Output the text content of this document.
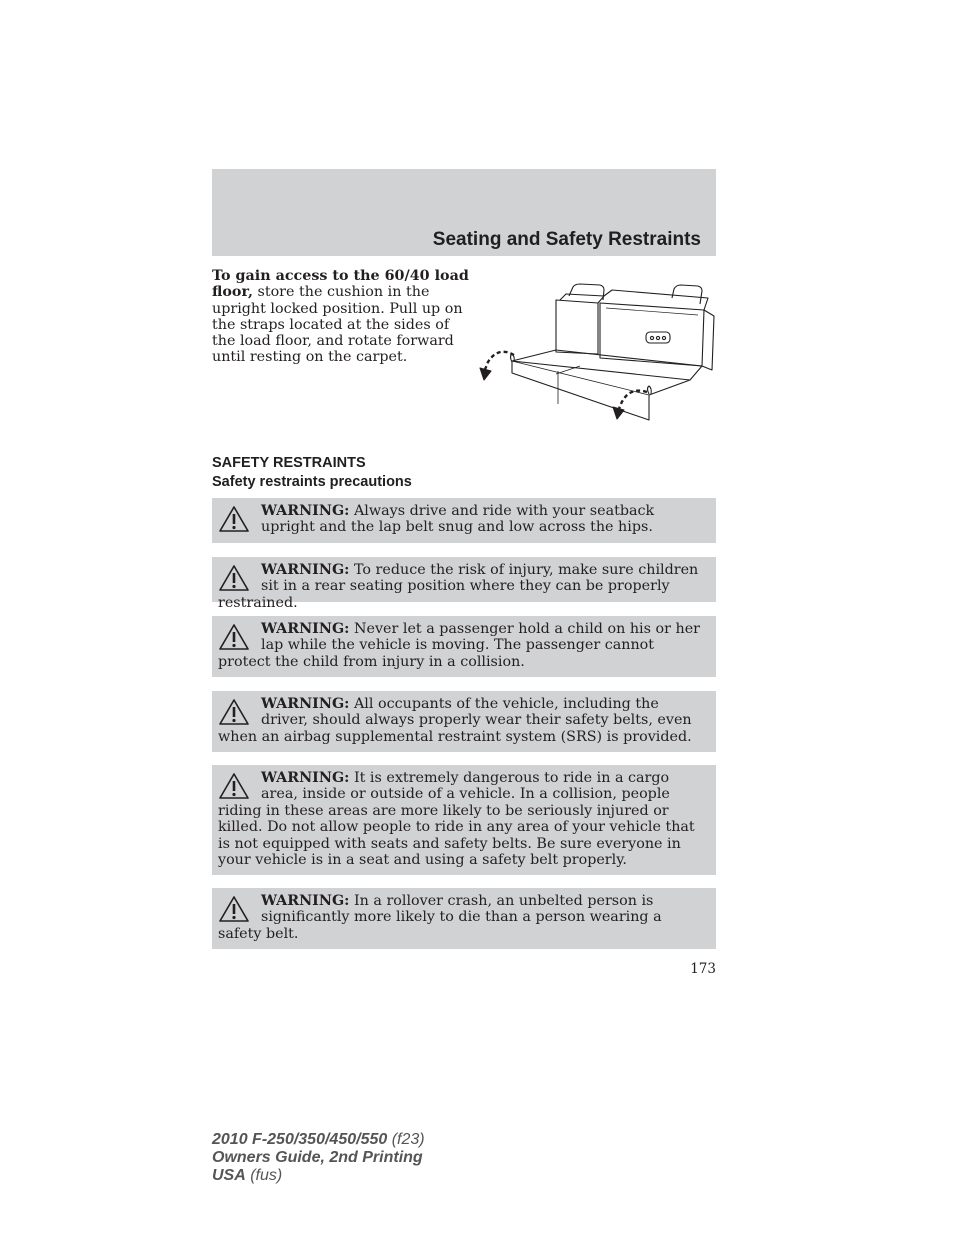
Seating and Safety Restraints
To gain access to the 60/40 load floor, store the cushion in the upright locked position. Pull up on the straps located at the sides of the load floor, and rotate forward until resting on the carpet.
SAFETY RESTRAINTS
Safety restraints precautions
WARNING: Always drive and ride with your seatback upright and the lap belt snug and low across the hips.
WARNING: To reduce the risk of injury, make sure children sit in a rear seating position where they can be properly restrained.
WARNING: Never let a passenger hold a child on his or her lap while the vehicle is moving. The passenger cannot protect the child from injury in a collision.
WARNING: All occupants of the vehicle, including the driver, should always properly wear their safety belts, even when an airbag supplemental restraint system (SRS) is provided.
WARNING: It is extremely dangerous to ride in a cargo area, inside or outside of a vehicle. In a collision, people riding in these areas are more likely to be seriously injured or killed. Do not allow people to ride in any area of your vehicle that is not equipped with seats and safety belts. Be sure everyone in your vehicle is in a seat and using a safety belt properly.
WARNING: In a rollover crash, an unbelted person is significantly more likely to die than a person wearing a safety belt.
173
2010 F-250/350/450/550 (f23)
Owners Guide, 2nd Printing
USA (fus)
